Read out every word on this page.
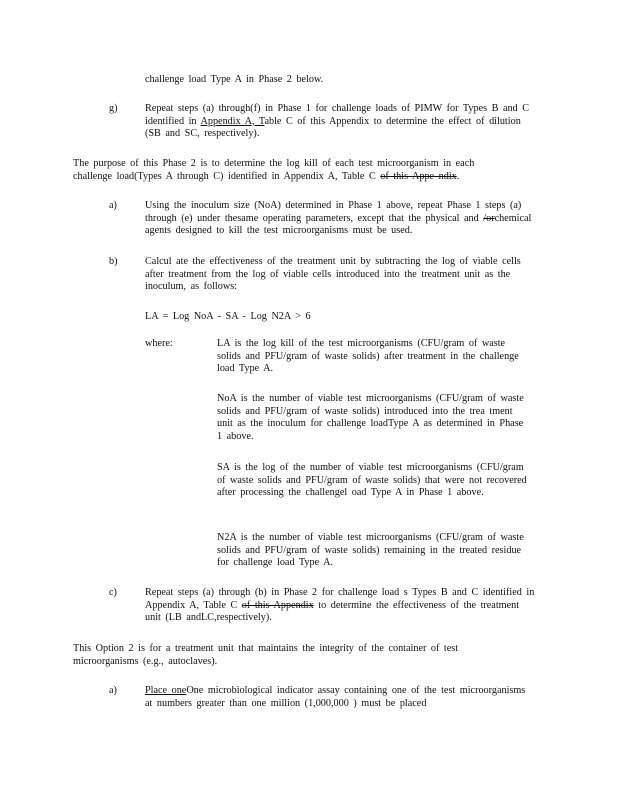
challenge load Type A in Phase 2 below.
g)	Repeat steps (a) through(f) in Phase 1 for challenge loads of PIMW for Types B and C identified in Appendix A, Table C of this Appendix to determine the effect of dilution (SB and SC, respectively).
The purpose of this Phase 2 is to determine the log kill of each test microorganism in each challenge load(Types A through C) identified in Appendix A, Table C of this Appe ndix.
a)	Using the inoculum size (NoA) determined in Phase 1 above, repeat Phase 1 steps (a) through (e) under thesame operating parameters, except that the physical and /orchemical agents designed to kill the test microorganisms must be used.
b)	Calcul ate the effectiveness of the treatment unit by subtracting the log of viable cells after treatment from the log of viable cells introduced into the treatment unit as the inoculum, as follows:
LA = Log NoA - SA - Log N2A > 6
where:	LA is the log kill of the test microorganisms (CFU/gram of waste solids and PFU/gram of waste solids) after treatment in the challenge load Type A.
NoA is the number of viable test microorganisms (CFU/gram of waste solids and PFU/gram of waste solids) introduced into the trea tment unit as the inoculum for challenge loadType A as determined in Phase 1 above.
SA is the log of the number of viable test microorganisms (CFU/gram of waste solids and PFU/gram of waste solids) that were not recovered after processing the challengel oad Type A in Phase 1 above.
N2A is the number of viable test microorganisms (CFU/gram of waste solids and PFU/gram of waste solids) remaining in the treated residue for challenge load Type A.
c)	Repeat steps (a) through (b) in Phase 2 for challenge load s Types B and C identified in Appendix A, Table C of this Appendix to determine the effectiveness of the treatment unit (LB andLC,respectively).
This Option 2 is for a treatment unit that maintains the integrity of the container of test microorganisms (e.g., autoclaves).
a)	Place oneOne microbiological indicator assay containing one of the test microorganisms at numbers greater than one million (1,000,000 ) must be placed
